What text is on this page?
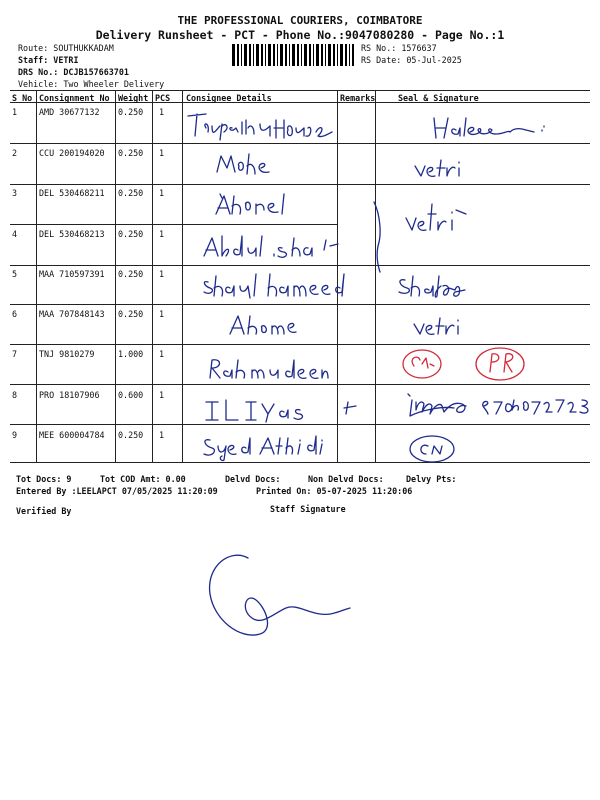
THE PROFESSIONAL COURIERS, COIMBATORE
Delivery Runsheet - PCT - Phone No.:9047080280 - Page No.:1
Route: SOUTHUKKADAM
Staff: VETRI
DRS No.: DCJB157663701
Vehicle: Two Wheeler Delivery
RS No.: 1576637
RS Date: 05-Jul-2025
S No Consignment No Weight PCS Consignee Details	Remarks	Seal & Signature
1	AMD 30677132 0.250 1
2	CCU 200194020 0.250 1
3	DEL 530468211 0.250 1
4	DEL 530468213 0.250 1
5	MAA 710597391 0.250 1
6	MAA 707848143 0.250 1
7	TNJ 9810279	1.000 1
8	PRO 18107906 0.600 1
9	MEE 600004784 0.250 1
Tot Docs: 9	Tot COD Amt: 0.00	Delvd Docs:	Non Delvd Docs:	Delvy Pts:
Entered By :LEELAPCT 07/05/2025 11:20:09	Printed On: 05-07-2025 11:20:06
Verified By	Staff Signature
